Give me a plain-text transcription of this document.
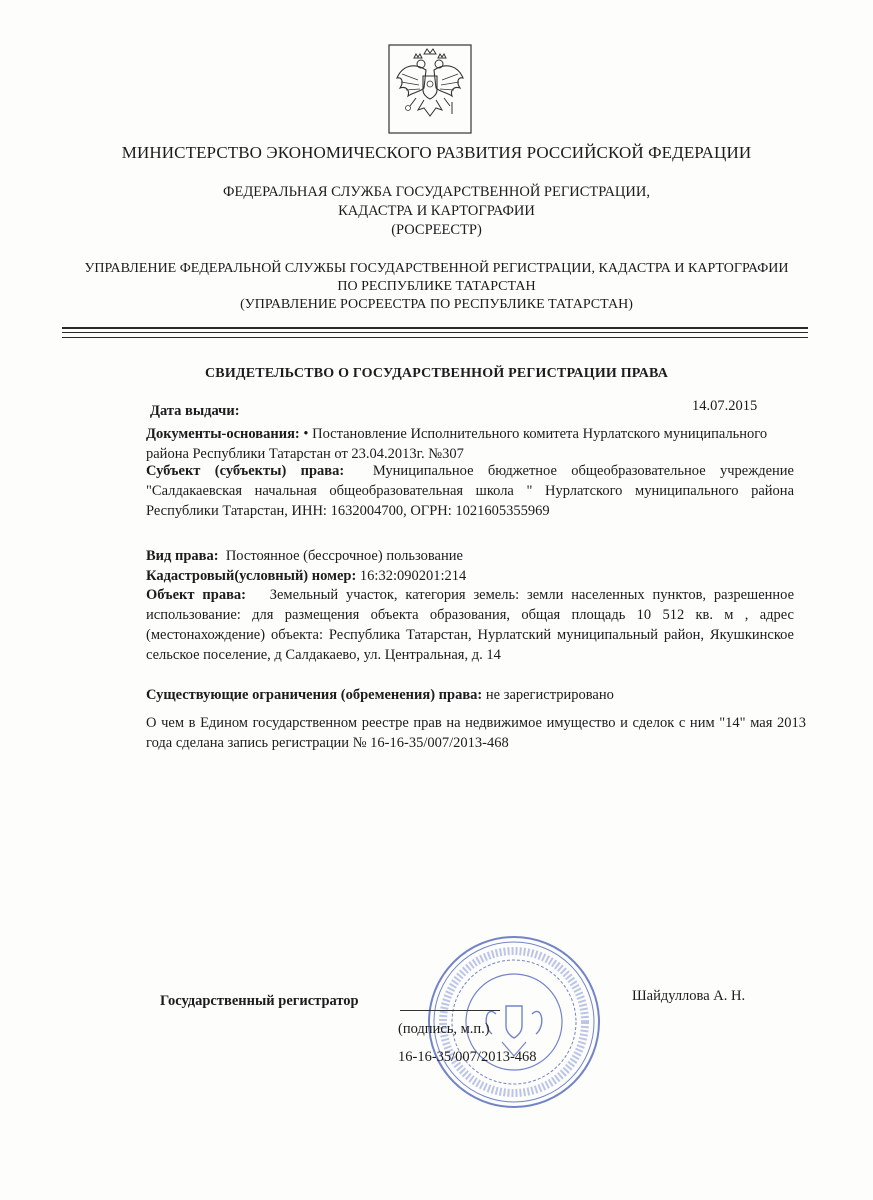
МИНИСТЕРСТВО ЭКОНОМИЧЕСКОГО РАЗВИТИЯ РОССИЙСКОЙ ФЕДЕРАЦИИ
ФЕДЕРАЛЬНАЯ СЛУЖБА ГОСУДАРСТВЕННОЙ РЕГИСТРАЦИИ,
КАДАСТРА И КАРТОГРАФИИ
(РОСРЕЕСТР)
УПРАВЛЕНИЕ ФЕДЕРАЛЬНОЙ СЛУЖБЫ ГОСУДАРСТВЕННОЙ РЕГИСТРАЦИИ, КАДАСТРА И КАРТОГРАФИИ
ПО РЕСПУБЛИКЕ ТАТАРСТАН
(УПРАВЛЕНИЕ РОСРЕЕСТРА ПО РЕСПУБЛИКЕ ТАТАРСТАН)
СВИДЕТЕЛЬСТВО О ГОСУДАРСТВЕННОЙ РЕГИСТРАЦИИ ПРАВА
Дата выдачи:	14.07.2015
Документы-основания: • Постановление Исполнительного комитета Нурлатского муниципального района Республики Татарстан от 23.04.2013г. №307
Субъект (субъекты) права: Муниципальное бюджетное общеобразовательное учреждение "Салдакаевская начальная общеобразовательная школа " Нурлатского муниципального района Республики Татарстан, ИНН: 1632004700, ОГРН: 1021605355969
Вид права: Постоянное (бессрочное) пользование
Кадастровый(условный) номер: 16:32:090201:214
Объект права: Земельный участок, категория земель: земли населенных пунктов, разрешенное использование: для размещения объекта образования, общая площадь 10 512 кв. м , адрес (местонахождение) объекта: Республика Татарстан, Нурлатский муниципальный район, Якушкинское сельское поселение, д Салдакаево, ул. Центральная, д. 14
Существующие ограничения (обременения) права: не зарегистрировано
О чем в Едином государственном реестре прав на недвижимое имущество и сделок с ним "14" мая 2013 года сделана запись регистрации № 16-16-35/007/2013-468
Государственный регистратор
(подпись, м.п.)
16-16-35/007/2013-468
Шайдуллова А. Н.
